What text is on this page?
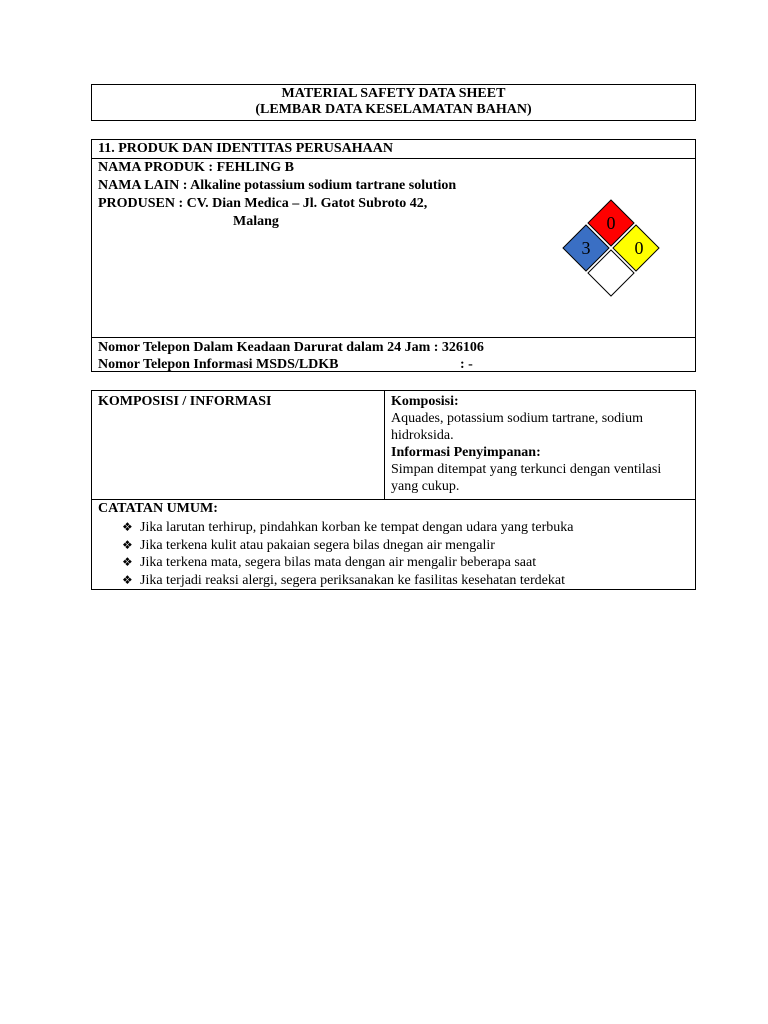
MATERIAL SAFETY DATA SHEET
(LEMBAR DATA KESELAMATAN BAHAN)
11. PRODUK DAN IDENTITAS PERUSAHAAN
NAMA PRODUK : FEHLING B
NAMA LAIN : Alkaline potassium sodium tartrane solution
PRODUSEN : CV. Dian Medica – Jl. Gatot Subroto 42,
Malang
Nomor Telepon Dalam Keadaan Darurat dalam 24 Jam : 326106
Nomor Telepon Informasi MSDS/LDKB	: -
0
3 0
KOMPOSISI / INFORMASI	Komposisi:
Aquades, potassium sodium tartrane, sodium
hidroksida.
Informasi Penyimpanan:
Simpan ditempat yang terkunci dengan ventilasi
yang cukup.
CATATAN UMUM:
❖ Jika larutan terhirup, pindahkan korban ke tempat dengan udara yang terbuka
❖ Jika terkena kulit atau pakaian segera bilas dnegan air mengalir
❖ Jika terkena mata, segera bilas mata dengan air mengalir beberapa saat
❖ Jika terjadi reaksi alergi, segera periksanakan ke fasilitas kesehatan terdekat
